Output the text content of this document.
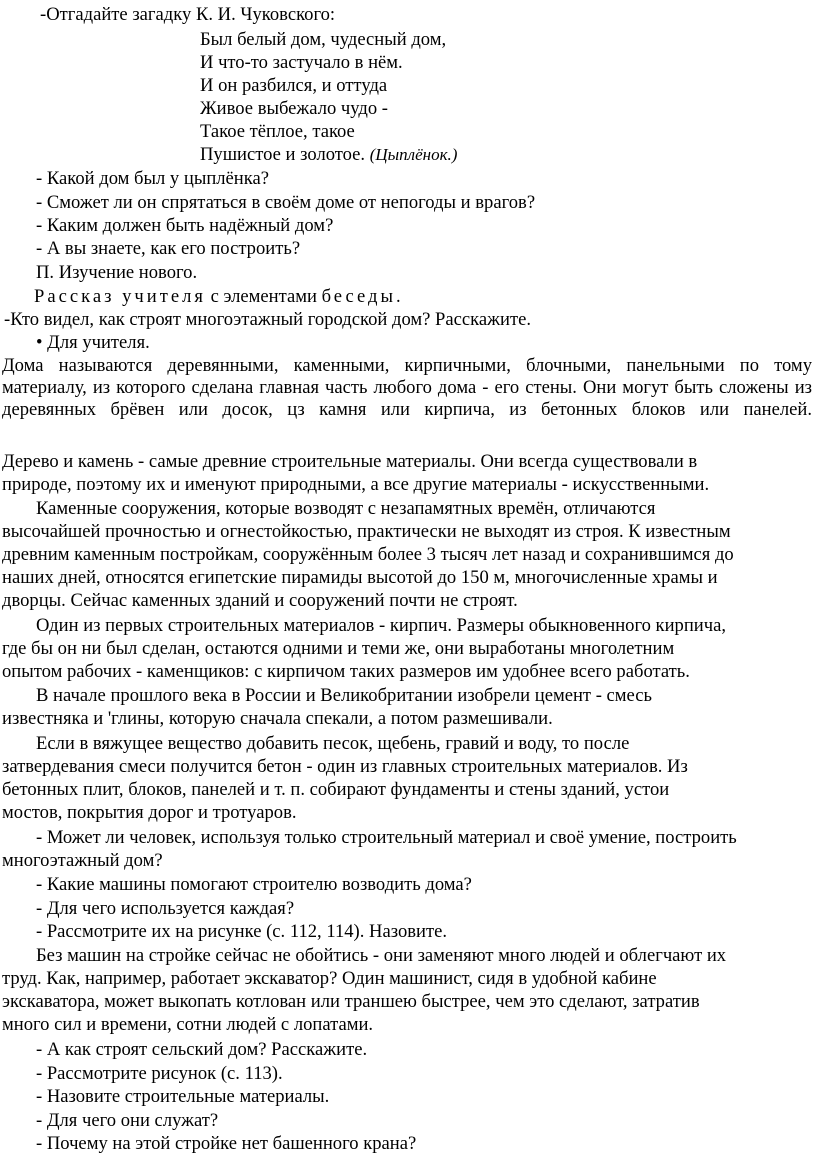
-Отгадайте загадку К. И. Чуковского:
Был белый дом, чудесный дом,
И что-то застучало в нём.
И он разбился, и оттуда
Живое выбежало чудо -
Такое тёплое, такое
Пушистое и золотое. (Цыплёнок.)
- Какой дом был у цыплёнка?
- Сможет ли он спрятаться в своём доме от непогоды и врагов?
- Каким должен быть надёжный дом?
- А вы знаете, как его построить?
П. Изучение нового.
Рассказ учителя с элементами беседы.
-Кто видел, как строят многоэтажный городской дом? Расскажите.
• Для учителя.
Дома называются деревянными, каменными, кирпичными, блочными, панельными по тому материалу, из которого сделана главная часть любого дома - его стены. Они могут быть сложены из деревянных брёвен или досок, цз камня или кирпича, из бетонных блоков или панелей.
Дерево и камень - самые древние строительные материалы. Они всегда существовали в
природе, поэтому их и именуют природными, а все другие материалы - искусственными.
Каменные сооружения, которые возводят с незапамятных времён, отличаются
высочайшей прочностью и огнестойкостью, практически не выходят из строя. К известным
древним каменным постройкам, сооружённым более 3 тысяч лет назад и сохранившимся до
наших дней, относятся египетские пирамиды высотой до 150 м, многочисленные храмы и
дворцы. Сейчас каменных зданий и сооружений почти не строят.
Один из первых строительных материалов - кирпич. Размеры обыкновенного кирпича,
где бы он ни был сделан, остаются одними и теми же, они выработаны многолетним
опытом рабочих - каменщиков: с кирпичом таких размеров им удобнее всего работать.
В начале прошлого века в России и Великобритании изобрели цемент - смесь
известняка и 'глины, которую сначала спекали, а потом размешивали.
Если в вяжущее вещество добавить песок, щебень, гравий и воду, то после
затвердевания смеси получится бетон - один из главных строительных материалов. Из
бетонных плит, блоков, панелей и т. п. собирают фундаменты и стены зданий, устои
мостов, покрытия дорог и тротуаров.
- Может ли человек, используя только строительный материал и своё умение, построить
многоэтажный дом?
- Какие машины помогают строителю возводить дома?
- Для чего используется каждая?
- Рассмотрите их на рисунке (с. 112, 114). Назовите.
Без машин на стройке сейчас не обойтись - они заменяют много людей и облегчают их
труд. Как, например, работает экскаватор? Один машинист, сидя в удобной кабине
экскаватора, может выкопать котлован или траншею быстрее, чем это сделают, затратив
много сил и времени, сотни людей с лопатами.
- А как строят сельский дом? Расскажите.
- Рассмотрите рисунок (с. 113).
- Назовите строительные материалы.
- Для чего они служат?
- Почему на этой стройке нет башенного крана?
